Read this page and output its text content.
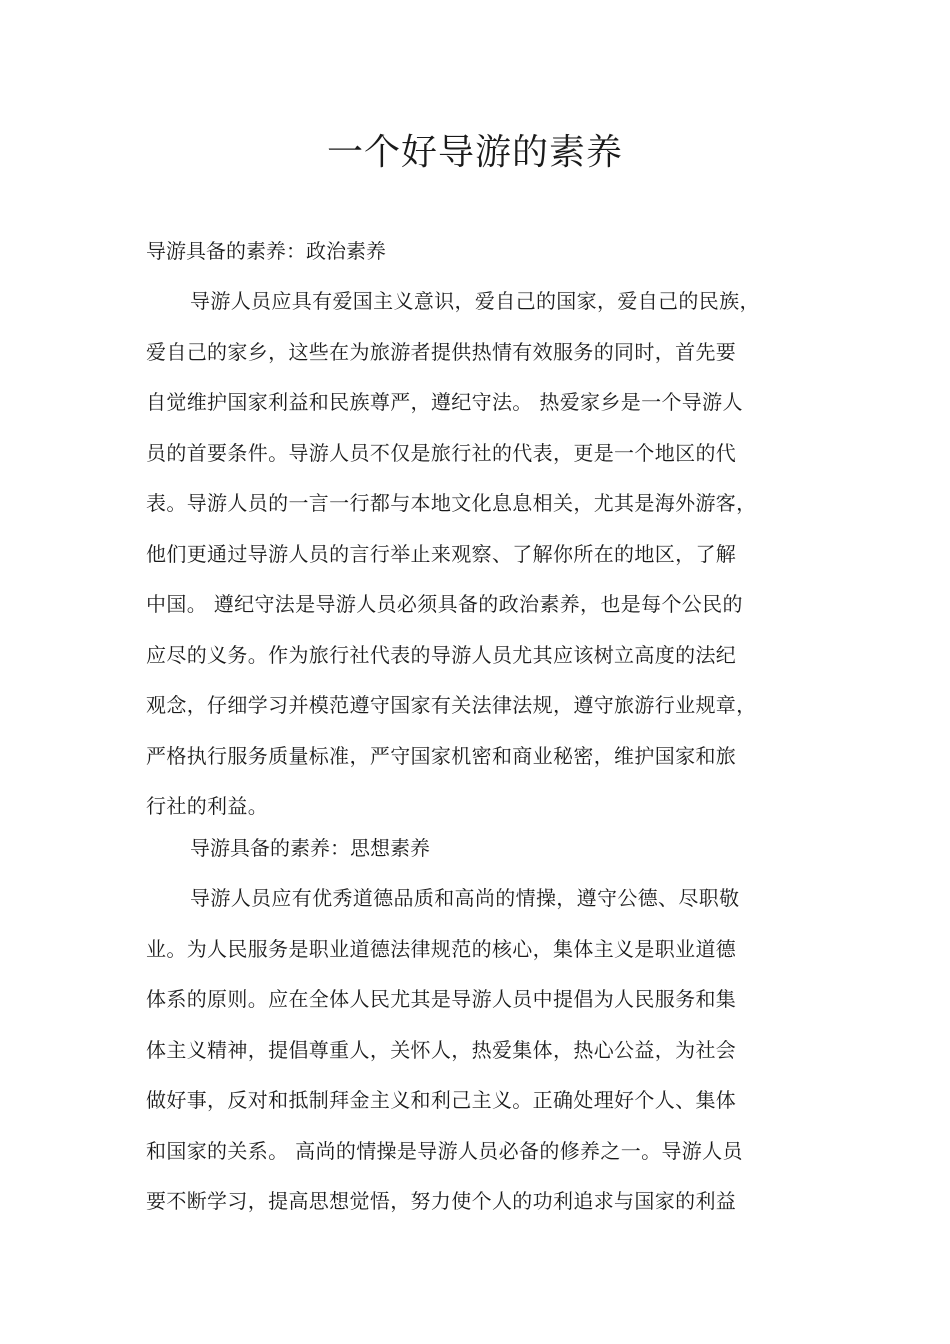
一个好导游的素养

导游具备的素养：政治素养

导游人员应具有爱国主义意识，爱自己的国家，爱自己的民族，
爱自己的家乡，这些在为旅游者提供热情有效服务的同时，首先要
自觉维护国家利益和民族尊严，遵纪守法。 热爱家乡是一个导游人
员的首要条件。导游人员不仅是旅行社的代表，更是一个地区的代
表。导游人员的一言一行都与本地文化息息相关，尤其是海外游客，
他们更通过导游人员的言行举止来观察、了解你所在的地区，了解
中国。 遵纪守法是导游人员必须具备的政治素养，也是每个公民的
应尽的义务。作为旅行社代表的导游人员尤其应该树立高度的法纪
观念，仔细学习并模范遵守国家有关法律法规，遵守旅游行业规章，
严格执行服务质量标准，严守国家机密和商业秘密，维护国家和旅
行社的利益。

导游具备的素养：思想素养

导游人员应有优秀道德品质和高尚的情操，遵守公德、尽职敬
业。为人民服务是职业道德法律规范的核心，集体主义是职业道德
体系的原则。应在全体人民尤其是导游人员中提倡为人民服务和集
体主义精神，提倡尊重人，关怀人，热爱集体，热心公益，为社会
做好事，反对和抵制拜金主义和利己主义。正确处理好个人、集体
和国家的关系。 高尚的情操是导游人员必备的修养之一。导游人员
要不断学习，提高思想觉悟，努力使个人的功利追求与国家的利益
